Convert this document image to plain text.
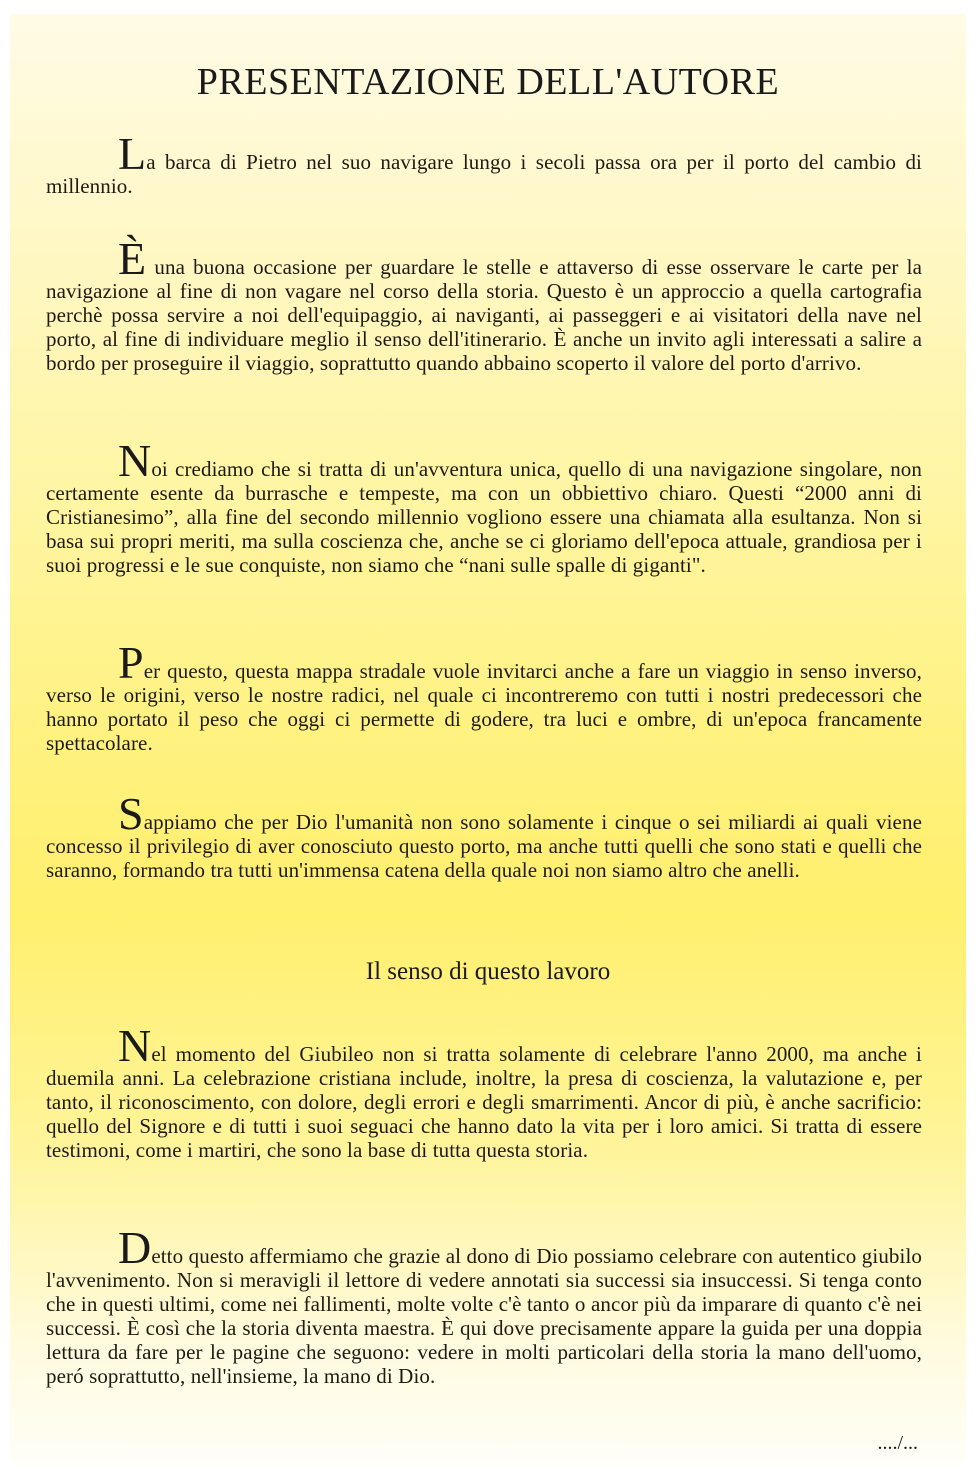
PRESENTAZIONE DELL'AUTORE

La barca di Pietro nel suo navigare lungo i secoli passa ora per il porto del cambio di millennio.

È una buona occasione per guardare le stelle e attaverso di esse osservare le carte per la navigazione al fine di non vagare nel corso della storia. Questo è un approccio a quella cartografia perchè possa servire a noi dell'equipaggio, ai naviganti, ai passeggeri e ai visitatori della nave nel porto, al fine di individuare meglio il senso dell'itinerario. È anche un invito agli interessati a salire a bordo per proseguire il viaggio, soprattutto quando abbaino scoperto il valore del porto d'arrivo.

Noi crediamo che si tratta di un'avventura unica, quello di una navigazione singolare, non certamente esente da burrasche e tempeste, ma con un obbiettivo chiaro. Questi “2000 anni di Cristianesimo”, alla fine del secondo millennio vogliono essere una chiamata alla esultanza. Non si basa sui propri meriti, ma sulla coscienza che, anche se ci gloriamo dell'epoca attuale, grandiosa per i suoi progressi e le sue conquiste, non siamo che “nani sulle spalle di giganti".

Per questo, questa mappa stradale vuole invitarci anche a fare un viaggio in senso inverso, verso le origini, verso le nostre radici, nel quale ci incontreremo con tutti i nostri predecessori che hanno portato il peso che oggi ci permette di godere, tra luci e ombre, di un'epoca francamente spettacolare.

Sappiamo che per Dio l'umanità non sono solamente i cinque o sei miliardi ai quali viene concesso il privilegio di aver conosciuto questo porto, ma anche tutti quelli che sono stati e quelli che saranno, formando tra tutti un'immensa catena della quale noi non siamo altro che anelli.

Il senso di questo lavoro

Nel momento del Giubileo non si tratta solamente di celebrare l'anno 2000, ma anche i duemila anni. La celebrazione cristiana include, inoltre, la presa di coscienza, la valutazione e, per tanto, il riconoscimento, con dolore, degli errori e degli smarrimenti. Ancor di più, è anche sacrificio: quello del Signore e di tutti i suoi seguaci che hanno dato la vita per i loro amici. Si tratta di essere testimoni, come i martiri, che sono la base di tutta questa storia.

Detto questo affermiamo che grazie al dono di Dio possiamo celebrare con autentico giubilo l'avvenimento. Non si meravigli il lettore di vedere annotati sia successi sia insuccessi. Si tenga conto che in questi ultimi, come nei fallimenti, molte volte c'è tanto o ancor più da imparare di quanto c'è nei successi. È così che la storia diventa maestra. È qui dove precisamente appare la guida per una doppia lettura da fare per le pagine che seguono: vedere in molti particolari della storia la mano dell'uomo, peró soprattutto, nell'insieme, la mano di Dio.

..../...
